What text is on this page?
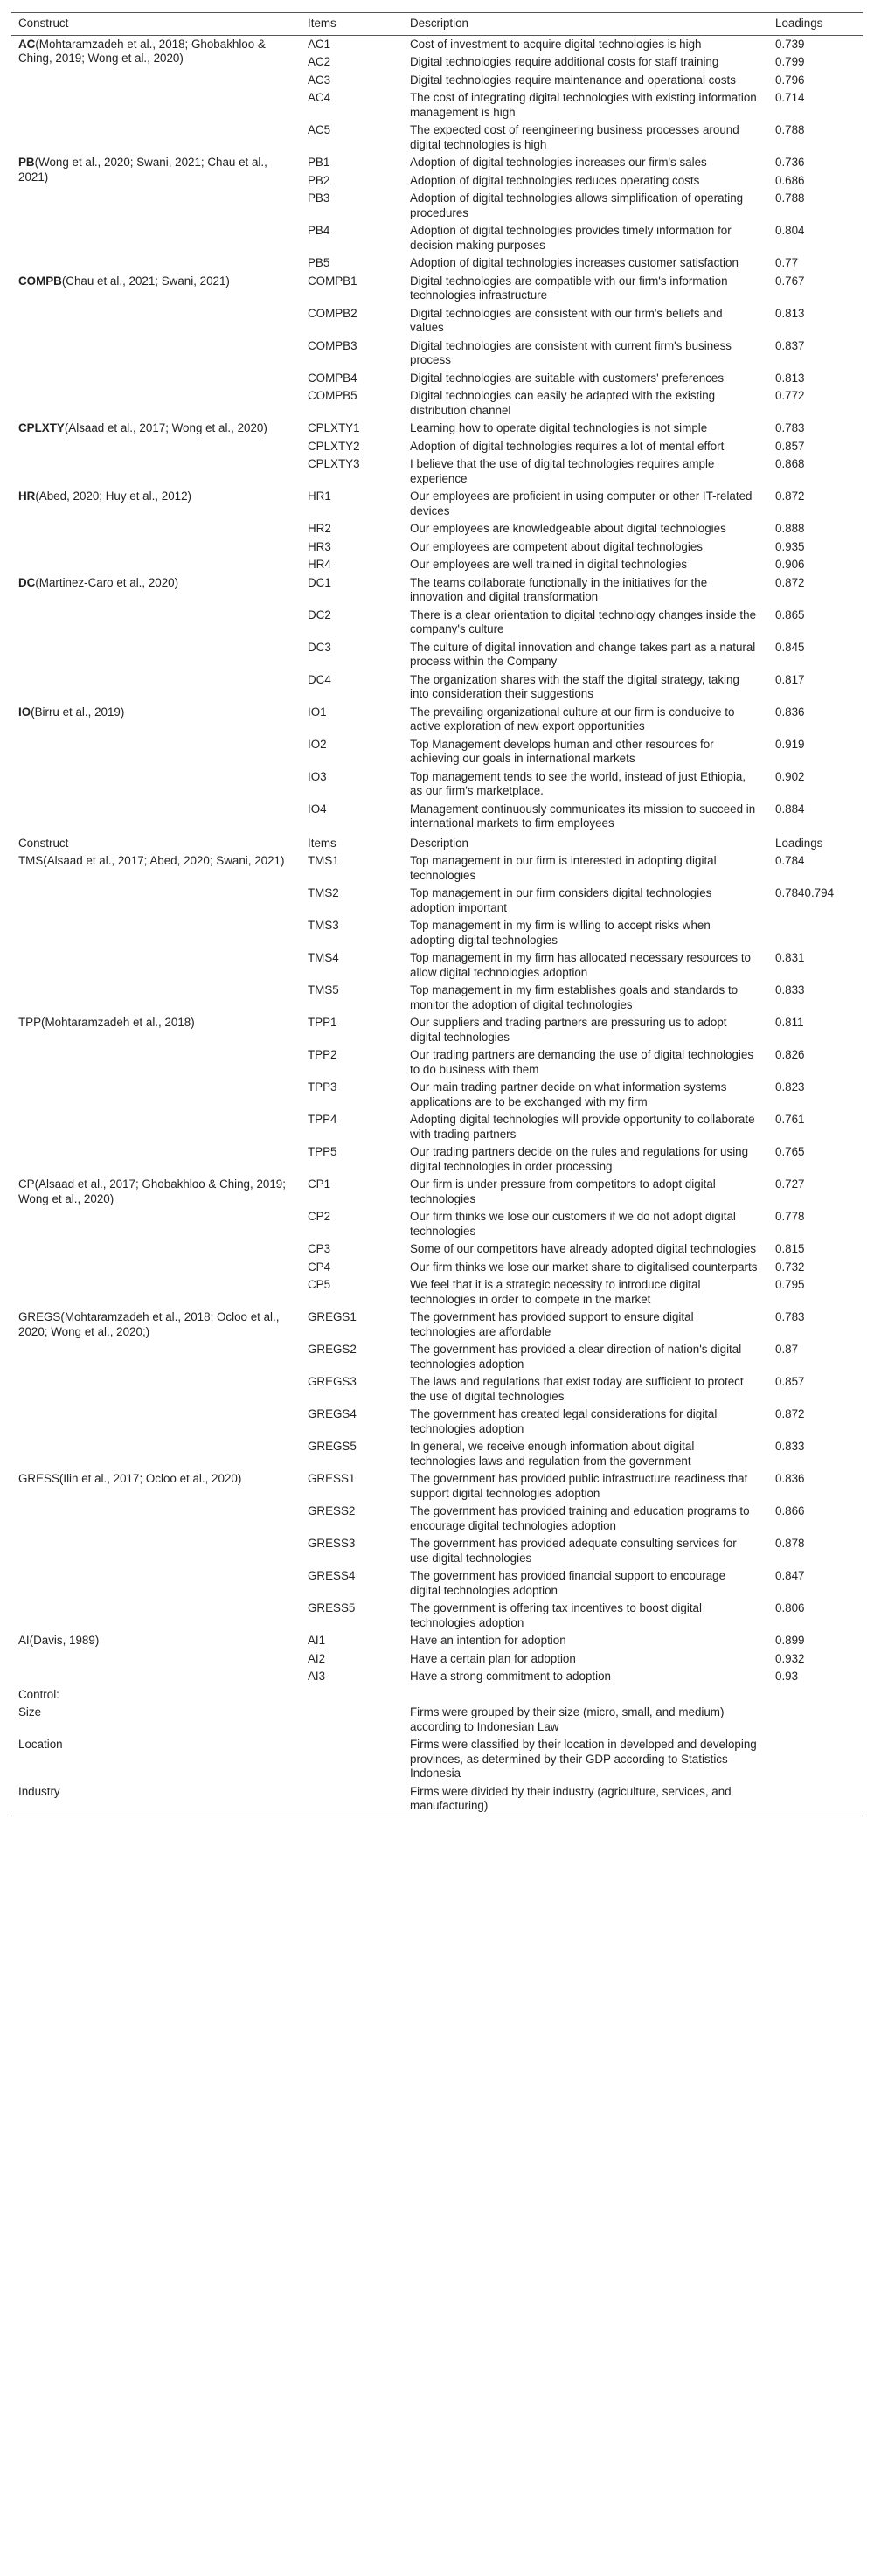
Construct	Items	Description	Loadings
AC(Mohtaramzadeh et al., 2018; Ghobakhloo & Ching, 2019; Wong et al., 2020)	AC1	Cost of investment to acquire digital technologies is high	0.739
	AC2	Digital technologies require additional costs for staff training	0.799
	AC3	Digital technologies require maintenance and operational costs	0.796
	AC4	The cost of integrating digital technologies with existing information management is high	0.714
	AC5	The expected cost of reengineering business processes around digital technologies is high	0.788
PB(Wong et al., 2020; Swani, 2021; Chau et al., 2021)	PB1	Adoption of digital technologies increases our firm's sales	0.736
	PB2	Adoption of digital technologies reduces operating costs	0.686
	PB3	Adoption of digital technologies allows simplification of operating procedures	0.788
	PB4	Adoption of digital technologies provides timely information for decision making purposes	0.804
	PB5	Adoption of digital technologies increases customer satisfaction	0.77
COMPB(Chau et al., 2021; Swani, 2021)	COMPB1	Digital technologies are compatible with our firm's information technologies infrastructure	0.767
	COMPB2	Digital technologies are consistent with our firm's beliefs and values	0.813
	COMPB3	Digital technologies are consistent with current firm's business process	0.837
	COMPB4	Digital technologies are suitable with customers' preferences	0.813
	COMPB5	Digital technologies can easily be adapted with the existing distribution channel	0.772
CPLXTY(Alsaad et al., 2017; Wong et al., 2020)	CPLXTY1	Learning how to operate digital technologies is not simple	0.783
	CPLXTY2	Adoption of digital technologies requires a lot of mental effort	0.857
	CPLXTY3	I believe that the use of digital technologies requires ample experience	0.868
HR(Abed, 2020; Huy et al., 2012)	HR1	Our employees are proficient in using computer or other IT-related devices	0.872
	HR2	Our employees are knowledgeable about digital technologies	0.888
	HR3	Our employees are competent about digital technologies	0.935
	HR4	Our employees are well trained in digital technologies	0.906
DC(Martinez-Caro et al., 2020)	DC1	The teams collaborate functionally in the initiatives for the innovation and digital transformation	0.872
	DC2	There is a clear orientation to digital technology changes inside the company's culture	0.865
	DC3	The culture of digital innovation and change takes part as a natural process within the Company	0.845
	DC4	The organization shares with the staff the digital strategy, taking into consideration their suggestions	0.817
IO(Birru et al., 2019)	IO1	The prevailing organizational culture at our firm is conducive to active exploration of new export opportunities	0.836
	IO2	Top Management develops human and other resources for achieving our goals in international markets	0.919
	IO3	Top management tends to see the world, instead of just Ethiopia, as our firm's marketplace.	0.902
	IO4	Management continuously communicates its mission to succeed in international markets to firm employees	0.884
Construct	Items	Description	Loadings
TMS(Alsaad et al., 2017; Abed, 2020; Swani, 2021)	TMS1	Top management in our firm is interested in adopting digital technologies	0.784
	TMS2	Top management in our firm considers digital technologies adoption important	0.7840.794
	TMS3	Top management in my firm is willing to accept risks when adopting digital technologies	
	TMS4	Top management in my firm has allocated necessary resources to allow digital technologies adoption	0.831
	TMS5	Top management in my firm establishes goals and standards to monitor the adoption of digital technologies	0.833
TPP(Mohtaramzadeh et al., 2018)	TPP1	Our suppliers and trading partners are pressuring us to adopt digital technologies	0.811
	TPP2	Our trading partners are demanding the use of digital technologies to do business with them	0.826
	TPP3	Our main trading partner decide on what information systems applications are to be exchanged with my firm	0.823
	TPP4	Adopting digital technologies will provide opportunity to collaborate with trading partners	0.761
	TPP5	Our trading partners decide on the rules and regulations for using digital technologies in order processing	0.765
CP(Alsaad et al., 2017; Ghobakhloo & Ching, 2019; Wong et al., 2020)	CP1	Our firm is under pressure from competitors to adopt digital technologies	0.727
	CP2	Our firm thinks we lose our customers if we do not adopt digital technologies	0.778
	CP3	Some of our competitors have already adopted digital technologies	0.815
	CP4	Our firm thinks we lose our market share to digitalised counterparts	0.732
	CP5	We feel that it is a strategic necessity to introduce digital technologies in order to compete in the market	0.795
GREGS(Mohtaramzadeh et al., 2018; Ocloo et al., 2020; Wong et al., 2020;)	GREGS1	The government has provided support to ensure digital technologies are affordable	0.783
	GREGS2	The government has provided a clear direction of nation's digital technologies adoption	0.87
	GREGS3	The laws and regulations that exist today are sufficient to protect the use of digital technologies	0.857
	GREGS4	The government has created legal considerations for digital technologies adoption	0.872
	GREGS5	In general, we receive enough information about digital technologies laws and regulation from the government	0.833
GRESS(Ilin et al., 2017; Ocloo et al., 2020)	GRESS1	The government has provided public infrastructure readiness that support digital technologies adoption	0.836
	GRESS2	The government has provided training and education programs to encourage digital technologies adoption	0.866
	GRESS3	The government has provided adequate consulting services for use digital technologies	0.878
	GRESS4	The government has provided financial support to encourage digital technologies adoption	0.847
	GRESS5	The government is offering tax incentives to boost digital technologies adoption	0.806
AI(Davis, 1989)	AI1	Have an intention for adoption	0.899
	AI2	Have a certain plan for adoption	0.932
	AI3	Have a strong commitment to adoption	0.93
Control:			
Size		Firms were grouped by their size (micro, small, and medium) according to Indonesian Law	
Location		Firms were classified by their location in developed and developing provinces, as determined by their GDP according to Statistics Indonesia	
Industry		Firms were divided by their industry (agriculture, services, and manufacturing)	
